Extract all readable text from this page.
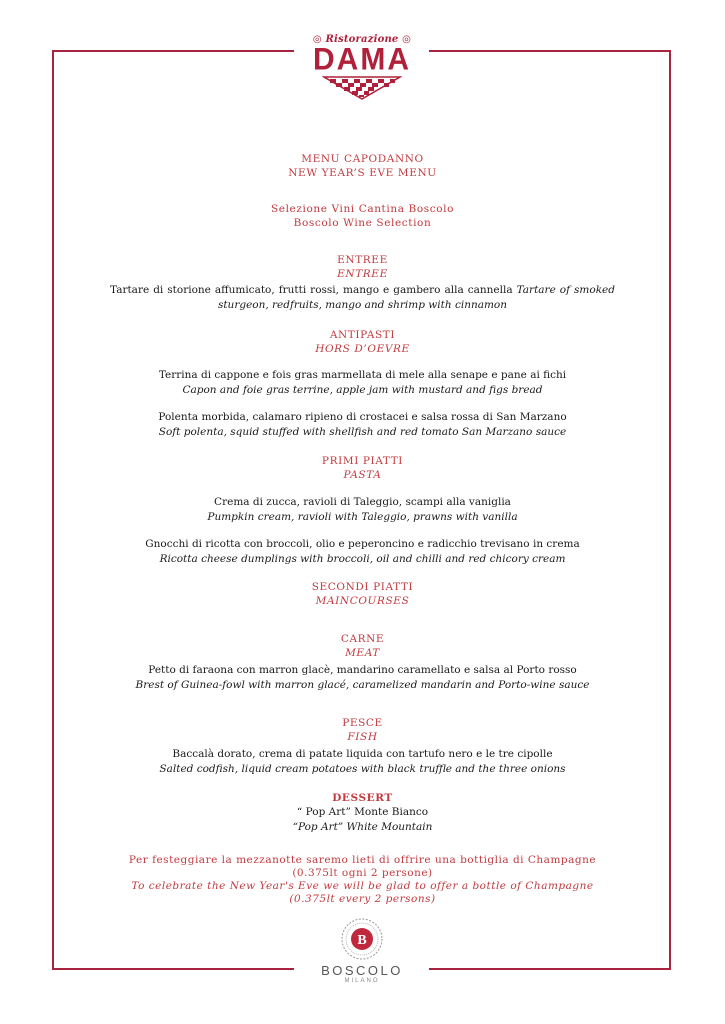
◎ Ristorazione ◎
DAMA
MENU CAPODANNO
NEW YEAR’S EVE MENU
Selezione Vini Cantina Boscolo
Boscolo Wine Selection
ENTREE
ENTREE
Tartare di storione affumicato, frutti rossi, mango e gambero alla cannella Tartare of smoked sturgeon, redfruits, mango and shrimp with cinnamon
ANTIPASTI
HORS D’OEVRE
Terrina di cappone e fois gras marmellata di mele alla senape e pane ai fichi
Capon and foie gras terrine, apple jam with mustard and figs bread
Polenta morbida, calamaro ripieno di crostacei e salsa rossa di San Marzano
Soft polenta, squid stuffed with shellfish and red tomato San Marzano sauce
PRIMI PIATTI
PASTA
Crema di zucca, ravioli di Taleggio, scampi alla vaniglia
Pumpkin cream, ravioli with Taleggio, prawns with vanilla
Gnocchi di ricotta con broccoli, olio e peperoncino e radicchio trevisano in crema
Ricotta cheese dumplings with broccoli, oil and chilli and red chicory cream
SECONDI PIATTI
MAINCOURSES
CARNE
MEAT
Petto di faraona con marron glacè, mandarino caramellato e salsa al Porto rosso
Brest of Guinea-fowl with marron glacé, caramelized mandarin and Porto-wine sauce
PESCE
FISH
Baccalà dorato, crema di patate liquida con tartufo nero e le tre cipolle
Salted codfish, liquid cream potatoes with black truffle and the three onions
DESSERT
“ Pop Art” Monte Bianco
“Pop Art” White Mountain
Per festeggiare la mezzanotte saremo lieti di offrire una bottiglia di Champagne
(0.375lt ogni 2 persone)
To celebrate the New Year's Eve we will be glad to offer a bottle of Champagne
(0.375lt every 2 persons)
B
BOSCOLO
MILANO
